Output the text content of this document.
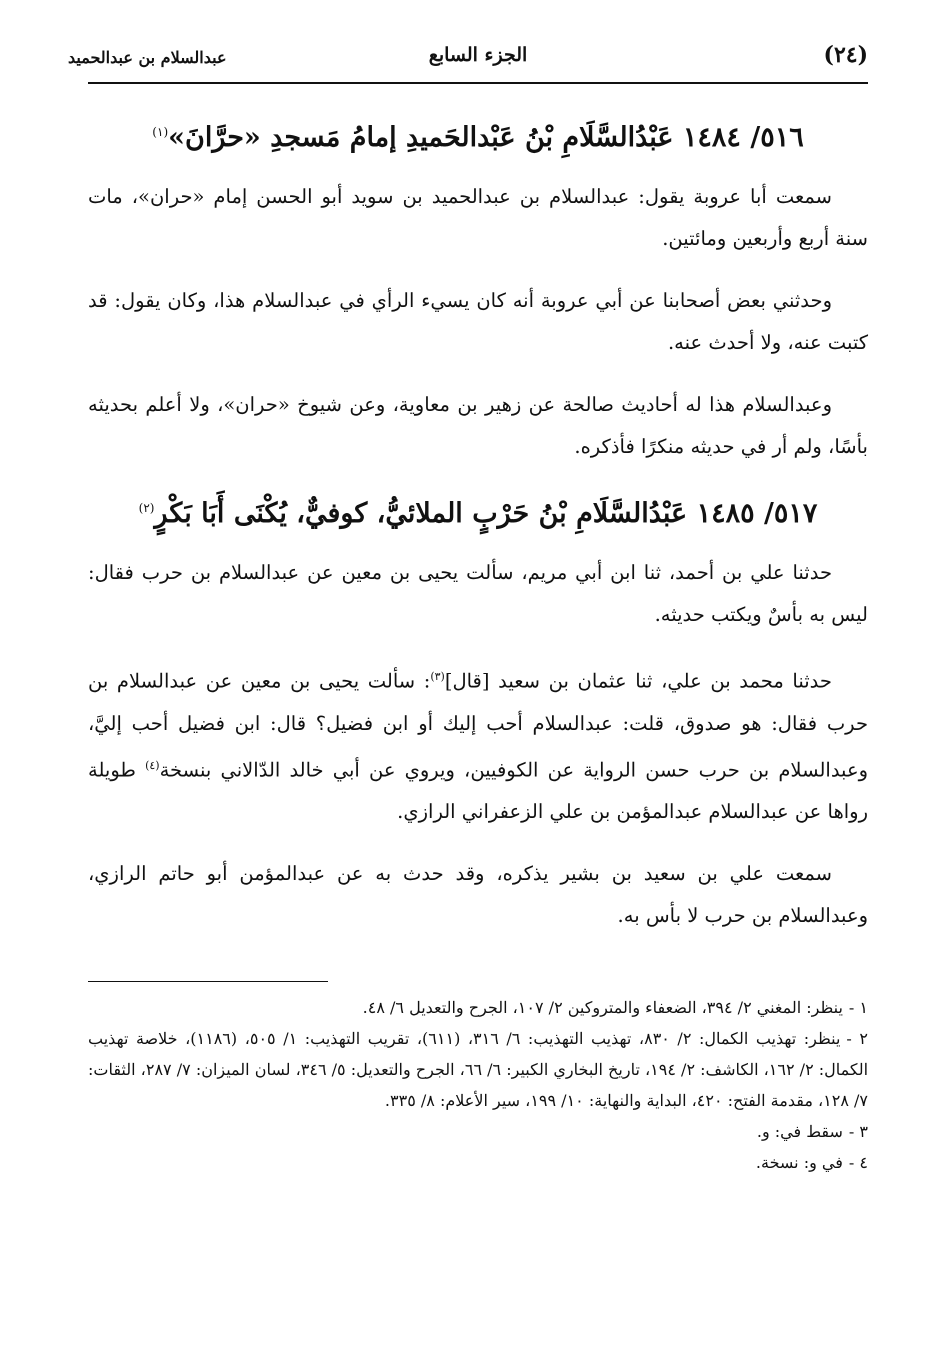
(٢٤)
الجزء السابع
عبدالسلام بن عبدالحميد
٥١٦/ ١٤٨٤ عَبْدُالسَّلَامِ بْنُ عَبْدالحَميدِ إمامُ مَسجدِ «حرَّانَ»$^{(١)}$

سمعت أبا عروبة يقول: عبدالسلام بن عبدالحميد بن سويد أبو الحسن إمام «حران»، مات سنة أربع وأربعين ومائتين.

وحدثني بعض أصحابنا عن أبي عروبة أنه كان يسيء الرأي في عبدالسلام هذا، وكان يقول: قد كتبت عنه، ولا أحدث عنه.

وعبدالسلام هذا له أحاديث صالحة عن زهير بن معاوية، وعن شيوخ «حران»، ولا أعلم بحديثه بأسًا، ولم أر في حديثه منكرًا فأذكره.

٥١٧/ ١٤٨٥ عَبْدُالسَّلَامِ بْنُ حَرْبٍ الملائيُّ، كوفيٌّ، يُكْنَى أَبَا بَكْرٍ$^{(٢)}$

حدثنا علي بن أحمد، ثنا ابن أبي مريم، سألت يحيى بن معين عن عبدالسلام بن حرب فقال: ليس به بأسٌ ويكتب حديثه.

حدثنا محمد بن علي، ثنا عثمان بن سعيد [قال]$^{(٣)}$: سألت يحيى بن معين عن عبدالسلام بن حرب فقال: هو صدوق، قلت: عبدالسلام أحب إليك أو ابن فضيل؟ قال: ابن فضيل أحب إليَّ، وعبدالسلام بن حرب حسن الرواية عن الكوفيين، ويروي عن أبي خالد الدّالاني بنسخة$^{(٤)}$ طويلة رواها عن عبدالسلام عبدالمؤمن بن علي الزعفراني الرازي.

سمعت علي بن سعيد بن بشير يذكره، وقد حدث به عن عبدالمؤمن أبو حاتم الرازي، وعبدالسلام بن حرب لا بأس به.

١ -ينظر: المغني ٢/ ٣٩٤، الضعفاء والمتروكين ٢/ ١٠٧، الجرح والتعديل ٦/ ٤٨.

٢ -ينظر: تهذيب الكمال: ٢/ ٨٣٠، تهذيب التهذيب: ٦/ ٣١٦، (٦١١)، تقريب التهذيب: ١/ ٥٠٥، (١١٨٦)، خلاصة تهذيب الكمال: ٢/ ١٦٢، الكاشف: ٢/ ١٩٤، تاريخ البخاري الكبير: ٦/ ٦٦، الجرح والتعديل: ٥/ ٣٤٦، لسان الميزان: ٧/ ٢٨٧، الثقات: ٧/ ١٢٨، مقدمة الفتح: ٤٢٠، البداية والنهاية: ١٠/ ١٩٩، سير الأعلام: ٨/ ٣٣٥.

٣ -سقط في: و.

٤ -في و: نسخة.
